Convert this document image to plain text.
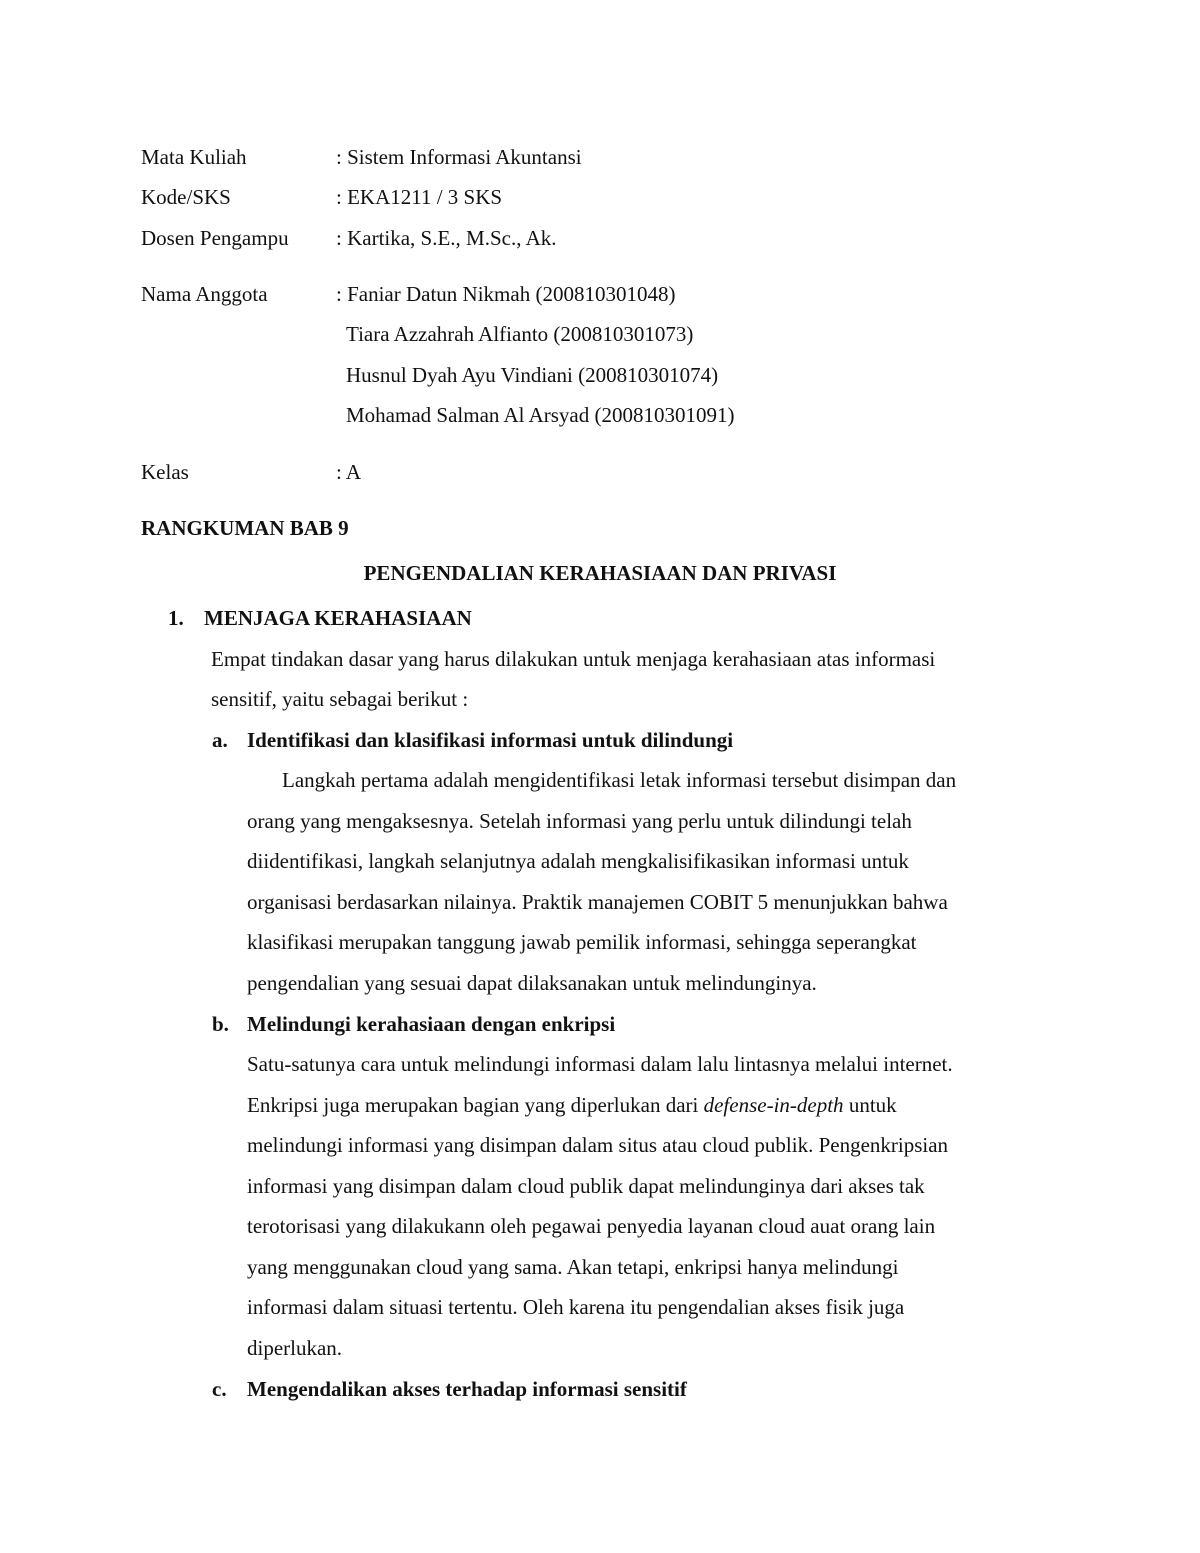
Mata Kuliah	: Sistem Informasi Akuntansi
Kode/SKS	: EKA1211 / 3 SKS
Dosen Pengampu : Kartika, S.E., M.Sc., Ak.
Nama Anggota	: Faniar Datun Nikmah (200810301048)
Tiara Azzahrah Alfianto (200810301073)
Husnul Dyah Ayu Vindiani (200810301074)
Mohamad Salman Al Arsyad (200810301091)
Kelas	: A
RANGKUMAN BAB 9
PENGENDALIAN KERAHASIAAN DAN PRIVASI
1. MENJAGA KERAHASIAAN
Empat tindakan dasar yang harus dilakukan untuk menjaga kerahasiaan atas informasi
sensitif, yaitu sebagai berikut :
a. Identifikasi dan klasifikasi informasi untuk dilindungi
Langkah pertama adalah mengidentifikasi letak informasi tersebut disimpan dan
orang yang mengaksesnya. Setelah informasi yang perlu untuk dilindungi telah
diidentifikasi, langkah selanjutnya adalah mengkalisifikasikan informasi untuk
organisasi berdasarkan nilainya. Praktik manajemen COBIT 5 menunjukkan bahwa
klasifikasi merupakan tanggung jawab pemilik informasi, sehingga seperangkat
pengendalian yang sesuai dapat dilaksanakan untuk melindunginya.
b. Melindungi kerahasiaan dengan enkripsi
Satu-satunya cara untuk melindungi informasi dalam lalu lintasnya melalui internet.
Enkripsi juga merupakan bagian yang diperlukan dari defense-in-depth untuk
melindungi informasi yang disimpan dalam situs atau cloud publik. Pengenkripsian
informasi yang disimpan dalam cloud publik dapat melindunginya dari akses tak
terotorisasi yang dilakukann oleh pegawai penyedia layanan cloud auat orang lain
yang menggunakan cloud yang sama. Akan tetapi, enkripsi hanya melindungi
informasi dalam situasi tertentu. Oleh karena itu pengendalian akses fisik juga
diperlukan.
c. Mengendalikan akses terhadap informasi sensitif
